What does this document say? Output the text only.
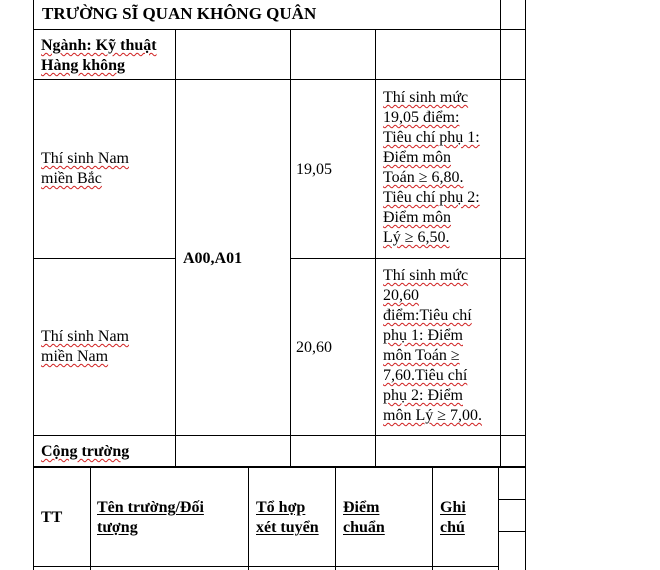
TRƯỜNG SĨ QUAN KHÔNG QUÂN
Ngành: Kỹ thuật
Hàng không
Thí sinh Nam
miền Bắc
19,05
Thí sinh mức
19,05 điểm:
Tiêu chí phụ 1:
Điểm môn
Toán ≥ 6,80.
Tiêu chí phụ 2:
Điểm môn
Lý ≥ 6,50.
A00,A01
Thí sinh Nam
miền Nam
20,60
Thí sinh mức
20,60
điểm:Tiêu chí
phụ 1: Điểm
môn Toán ≥
7,60.Tiêu chí
phụ 2: Điểm
môn Lý ≥ 7,00.
Cộng trường
TT
Tên trường/Đối
tượng
Tổ hợp
xét tuyển
Điểm
chuẩn
Ghi
chú
